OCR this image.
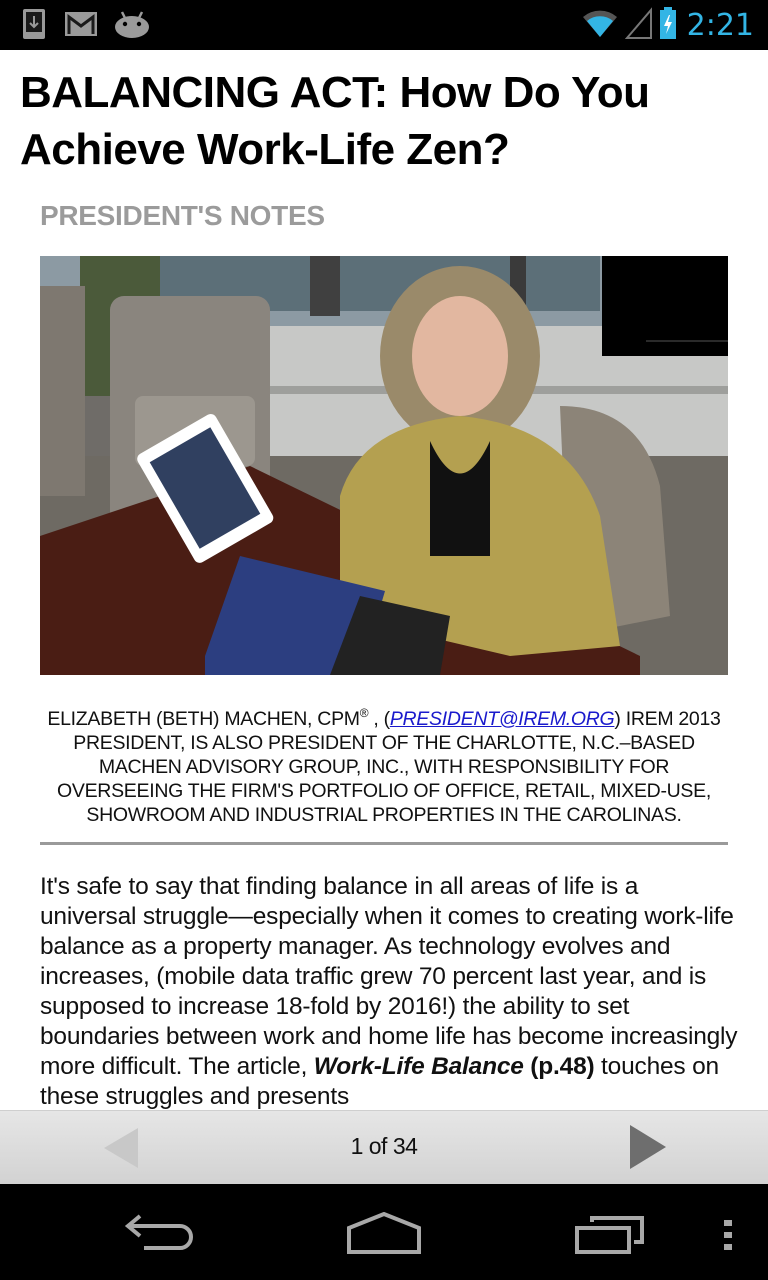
2:21
BALANCING ACT: How Do You Achieve Work-Life Zen?
PRESIDENT'S NOTES
ELIZABETH (BETH) MACHEN, CPM® , (PRESIDENT@IREM.ORG) IREM 2013 PRESIDENT, IS ALSO PRESIDENT OF THE CHARLOTTE, N.C.–BASED MACHEN ADVISORY GROUP, INC., WITH RESPONSIBILITY FOR OVERSEEING THE FIRM'S PORTFOLIO OF OFFICE, RETAIL, MIXED-USE, SHOWROOM AND INDUSTRIAL PROPERTIES IN THE CAROLINAS.
It's safe to say that finding balance in all areas of life is a universal struggle—especially when it comes to creating work-life balance as a property manager. As technology evolves and increases, (mobile data traffic grew 70 percent last year, and is supposed to increase 18-fold by 2016!) the ability to set boundaries between work and home life has become increasingly more difficult. The article, Work-Life Balance (p.48) touches on these struggles and presents
1 of 34
